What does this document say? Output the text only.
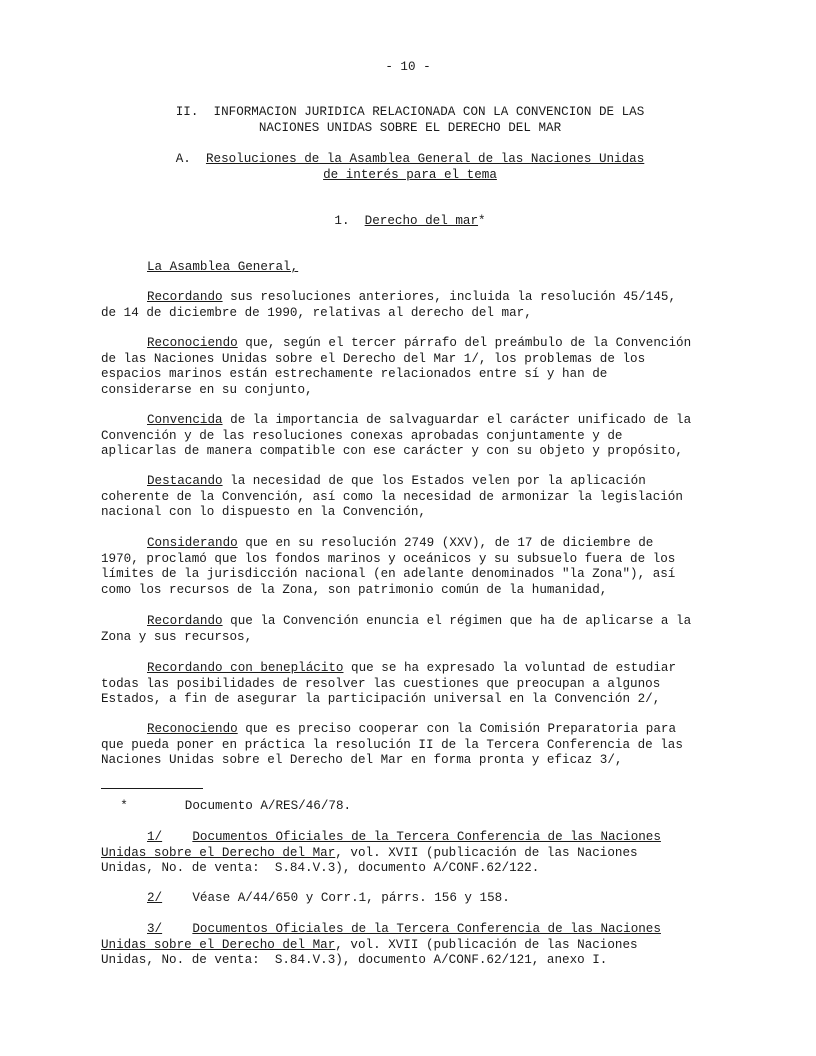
- 10 -
II. INFORMACION JURIDICA RELACIONADA CON LA CONVENCION DE LAS
NACIONES UNIDAS SOBRE EL DERECHO DEL MAR
A. Resoluciones de la Asamblea General de las Naciones Unidas
de interés para el tema
1. Derecho del mar*
La Asamblea General,
Recordando sus resoluciones anteriores, incluida la resolución 45/145,
de 14 de diciembre de 1990, relativas al derecho del mar,
Reconociendo que, según el tercer párrafo del preámbulo de la Convención
de las Naciones Unidas sobre el Derecho del Mar 1/, los problemas de los
espacios marinos están estrechamente relacionados entre sí y han de
considerarse en su conjunto,
Convencida de la importancia de salvaguardar el carácter unificado de la
Convención y de las resoluciones conexas aprobadas conjuntamente y de
aplicarlas de manera compatible con ese carácter y con su objeto y propósito,
Destacando la necesidad de que los Estados velen por la aplicación
coherente de la Convención, así como la necesidad de armonizar la legislación
nacional con lo dispuesto en la Convención,
Considerando que en su resolución 2749 (XXV), de 17 de diciembre de
1970, proclamó que los fondos marinos y oceánicos y su subsuelo fuera de los
límites de la jurisdicción nacional (en adelante denominados "la Zona"), así
como los recursos de la Zona, son patrimonio común de la humanidad,
Recordando que la Convención enuncia el régimen que ha de aplicarse a la
Zona y sus recursos,
Recordando con beneplácito que se ha expresado la voluntad de estudiar
todas las posibilidades de resolver las cuestiones que preocupan a algunos
Estados, a fin de asegurar la participación universal en la Convención 2/,
Reconociendo que es preciso cooperar con la Comisión Preparatoria para
que pueda poner en práctica la resolución II de la Tercera Conferencia de las
Naciones Unidas sobre el Derecho del Mar en forma pronta y eficaz 3/,
*	Documento A/RES/46/78.
1/ Documentos Oficiales de la Tercera Conferencia de las Naciones
Unidas sobre el Derecho del Mar, vol. XVII (publicación de las Naciones
Unidas, No. de venta:  S.84.V.3), documento A/CONF.62/122.
2/ Véase A/44/650 y Corr.1, párrs. 156 y 158.
3/ Documentos Oficiales de la Tercera Conferencia de las Naciones
Unidas sobre el Derecho del Mar, vol. XVII (publicación de las Naciones
Unidas, No. de venta:  S.84.V.3), documento A/CONF.62/121, anexo I.
